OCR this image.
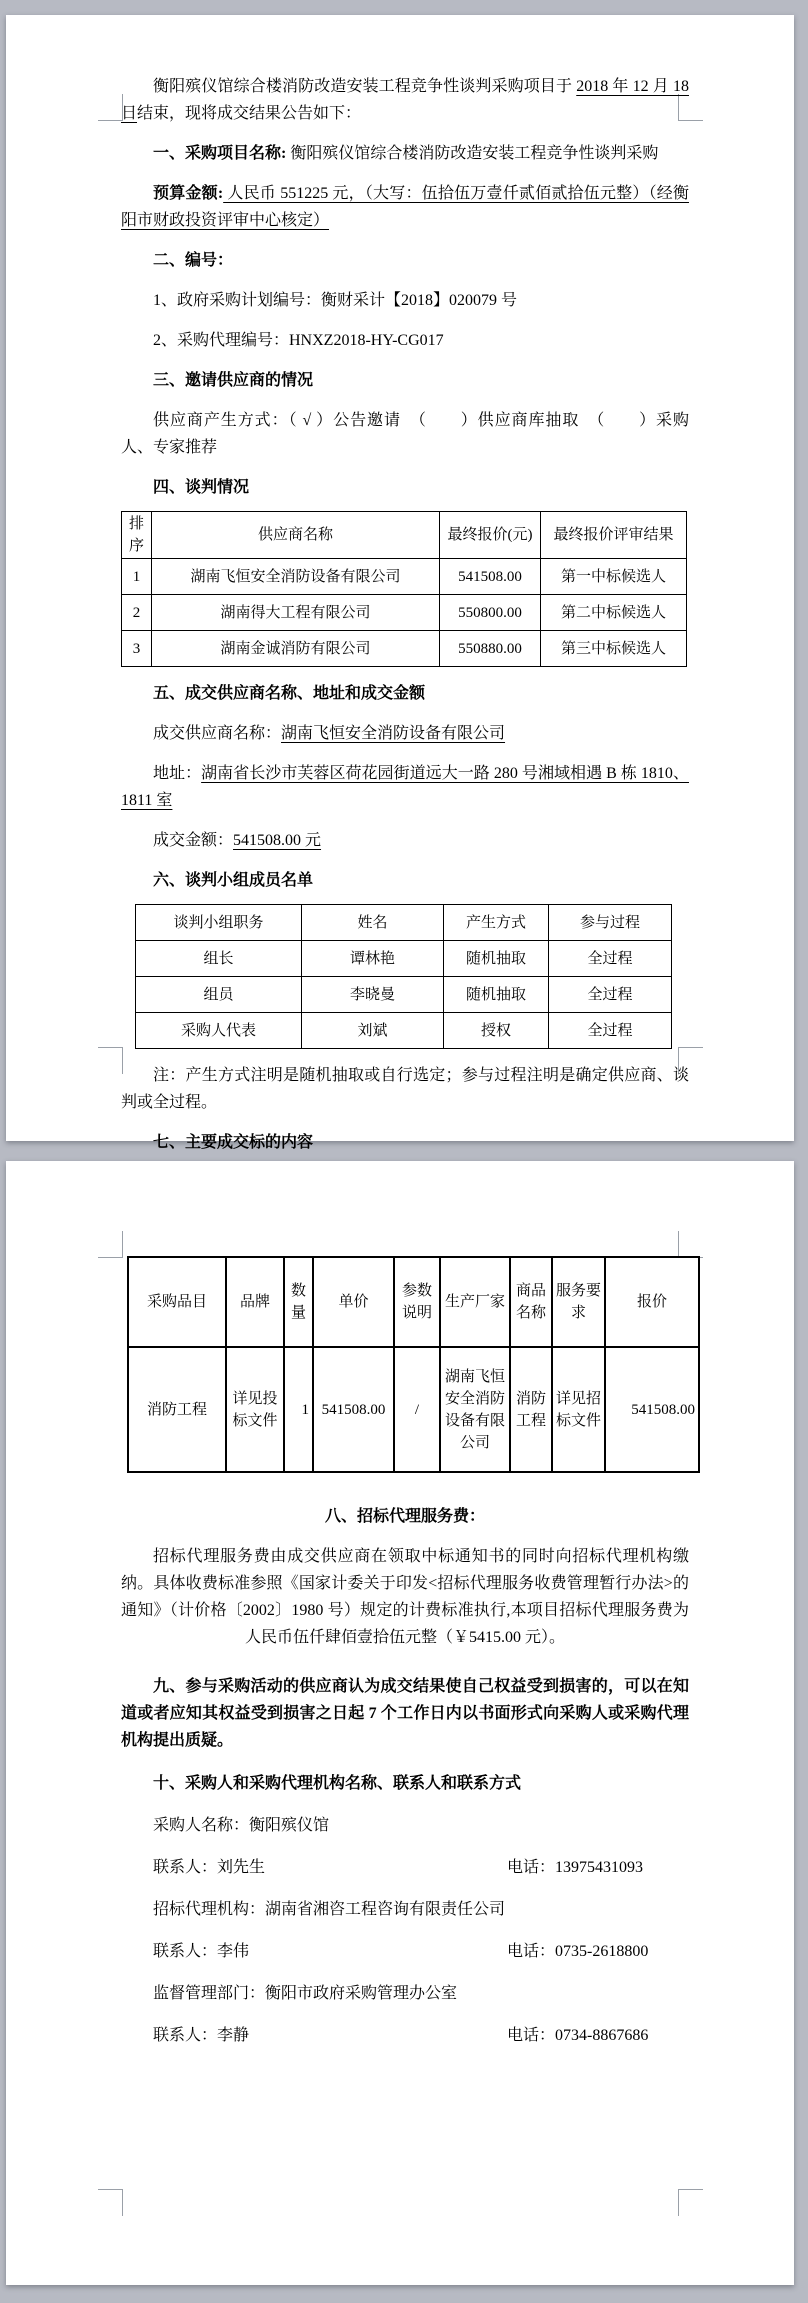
衡阳殡仪馆综合楼消防改造安装工程竞争性谈判采购项目于 2018 年 12 月 18 日结束，现将成交结果公告如下：

一、采购项目名称: 衡阳殡仪馆综合楼消防改造安装工程竞争性谈判采购

预算金额: 人民币 551225 元，（大写：伍拾伍万壹仟贰佰贰拾伍元整）（经衡阳市财政投资评审中心核定）

二、编号：

1、政府采购计划编号：衡财采计【2018】020079 号

2、采购代理编号：HNXZ2018-HY-CG017

三、邀请供应商的情况

供应商产生方式：（ √ ）公告邀请　（　　）供应商库抽取　（　　）采购人、专家推荐

四、谈判情况

排序	供应商名称	最终报价(元)	最终报价评审结果
1	湖南飞恒安全消防设备有限公司	541508.00	第一中标候选人
2	湖南得大工程有限公司	550800.00	第二中标候选人
3	湖南金诚消防有限公司	550880.00	第三中标候选人

五、成交供应商名称、地址和成交金额

成交供应商名称：湖南飞恒安全消防设备有限公司

地址：湖南省长沙市芙蓉区荷花园街道远大一路 280 号湘域相遇 B 栋 1810、1811 室

成交金额：541508.00 元

六、谈判小组成员名单

谈判小组职务	姓名	产生方式	参与过程
组长	谭林艳	随机抽取	全过程
组员	李晓曼	随机抽取	全过程
采购人代表	刘斌	授权	全过程

注：产生方式注明是随机抽取或自行选定；参与过程注明是确定供应商、谈判或全过程。

七、主要成交标的内容

采购品目	品牌	数量	单价	参数说明	生产厂家	商品名称	服务要求	报价
消防工程	详见投标文件	1	541508.00	/	湖南飞恒安全消防设备有限公司	消防工程	详见招标文件	541508.00

八、招标代理服务费：

招标代理服务费由成交供应商在领取中标通知书的同时向招标代理机构缴纳。具体收费标准参照《国家计委关于印发<招标代理服务收费管理暂行办法>的通知》（计价格〔2002〕1980 号）规定的计费标准执行,本项目招标代理服务费为人民币伍仟肆佰壹拾伍元整（￥5415.00 元）。

九、参与采购活动的供应商认为成交结果使自己权益受到损害的，可以在知道或者应知其权益受到损害之日起 7 个工作日内以书面形式向采购人或采购代理机构提出质疑。

十、采购人和采购代理机构名称、联系人和联系方式

采购人名称：衡阳殡仪馆

联系人：刘先生	电话：13975431093

招标代理机构：湖南省湘咨工程咨询有限责任公司

联系人：李伟	电话：0735-2618800

监督管理部门：衡阳市政府采购管理办公室

联系人：李静	电话：0734-8867686
